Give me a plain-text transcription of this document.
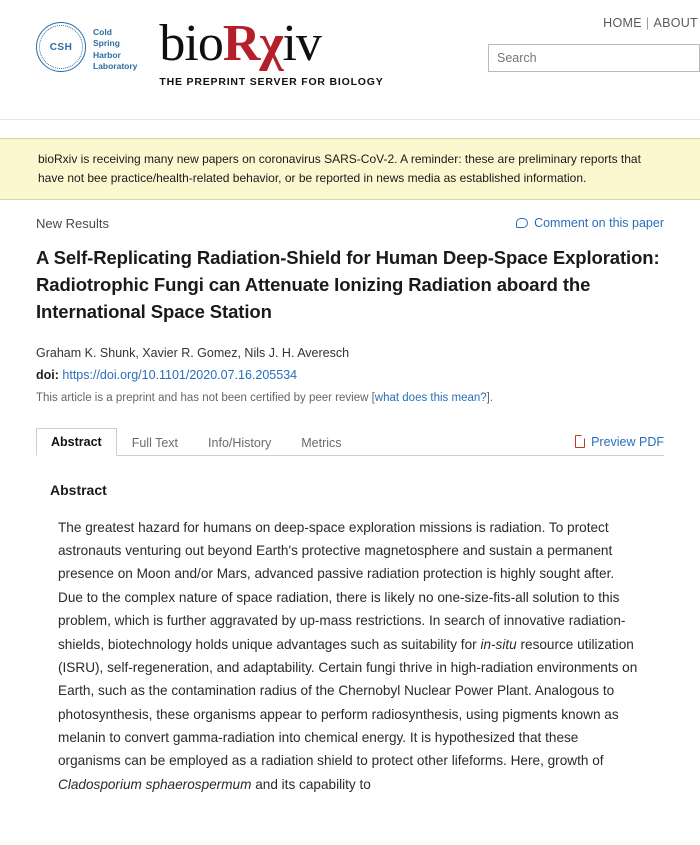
CSH
Cold
Spring
Harbor
Laboratory bioRχiv
THE PREPRINT SERVER FOR BIOLOGY
HOME | ABOUT
Search
bioRxiv is receiving many new papers on coronavirus SARS-CoV-2. A reminder: these are preliminary reports that have not bee practice/health-related behavior, or be reported in news media as established information.
New Results	Comment on this paper
A Self-Replicating Radiation-Shield for Human Deep-Space Exploration: Radiotrophic Fungi can Attenuate Ionizing Radiation aboard the International Space Station
Graham K. Shunk, Xavier R. Gomez, Nils J. H. Averesch
doi: https://doi.org/10.1101/2020.07.16.205534
This article is a preprint and has not been certified by peer review [what does this mean?].
Abstract	Full Text	Info/History	Metrics	Preview PDF
Abstract
The greatest hazard for humans on deep-space exploration missions is radiation. To protect astronauts venturing out beyond Earth's protective magnetosphere and sustain a permanent presence on Moon and/or Mars, advanced passive radiation protection is highly sought after. Due to the complex nature of space radiation, there is likely no one-size-fits-all solution to this problem, which is further aggravated by up-mass restrictions. In search of innovative radiation-shields, biotechnology holds unique advantages such as suitability for in-situ resource utilization (ISRU), self-regeneration, and adaptability. Certain fungi thrive in high-radiation environments on Earth, such as the contamination radius of the Chernobyl Nuclear Power Plant. Analogous to photosynthesis, these organisms appear to perform radiosynthesis, using pigments known as melanin to convert gamma-radiation into chemical energy. It is hypothesized that these organisms can be employed as a radiation shield to protect other lifeforms. Here, growth of Cladosporium sphaerospermum and its capability to
